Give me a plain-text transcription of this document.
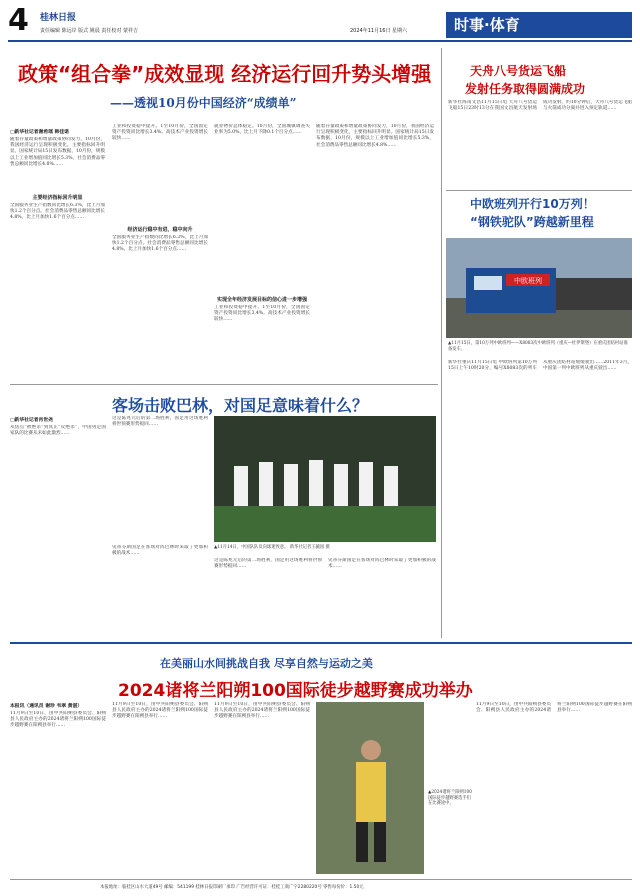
4 桂林日报
责任编辑 陈远岸 版式 姚晨 责任校对 蒙祥吉	2024年11月16日 星期六	时事·体育
政策“组合拳”成效显现 经济运行回升势头增强
——透视10月份中国经济“成绩单”
□新华社记者谢希瑶 韩佳诺
随着存量政策和增量政策协同发力，10月份，我国经济运行呈现积极变化，主要指标回升明显。国家统计局15日发布数据，10月份，规模以上工业增加值同比增长5.3%，社会消费品零售总额同比增长4.8%……
主要经济指标回升明显
全国服务业生产指数同比增长6.3%，比上月加快1.2个百分点。社会消费品零售总额同比增长4.8%，比上月加快1.6个百分点……
工业和投资稳中提升。1至10月份，全国固定资产投资同比增长3.4%。高技术产业投资增长较快……
经济运行稳中有进、稳中向升
全国服务业生产指数同比增长6.3%，比上月加快1.2个百分点。社会消费品零售总额同比增长4.8%，比上月加快1.6个百分点……
就业物价总体稳定。10月份，全国城镇调查失业率为5.0%，比上月下降0.1个百分点……
实现全年经济发展目标的信心进一步增强
工业和投资稳中提升。1至10月份，全国固定资产投资同比增长3.4%。高技术产业投资增长较快……
随着存量政策和增量政策协同发力，10月份，我国经济运行呈现积极变化，主要指标回升明显。国家统计局15日发布数据，10月份，规模以上工业增加值同比增长5.3%，社会消费品零售总额同比增长4.8%……
天舟八号货运飞船
发射任务取得圆满成功
新华社海南文昌11月15日电 天舟八号货运飞船15日23时13分在我国文昌航天发射场成功发射。约10分钟后，天舟八号货运飞船与火箭成功分离并进入预定轨道……
中欧班列开行10万列！
“钢铁驼队”跨越新里程
中欧班列
▲11月15日，第10万列中欧班列——X8083次中欧班列（重庆—杜伊斯堡）在重庆团结村站准备发车。
新华社重庆11月15日电 中欧班列第10万列15日上午10时20分，编号X8083次的列车从重庆团结村站缓缓驶出……2011年3月，中国第一列中欧班列从重庆驶出……
客场击败巴林，对国足意味着什么？
□新华社记者肖世尧
从焦点“被绝杀”到真正“反绝杀”，中国男足国家队的比赛从未如此激烈……
这是陈兆元后的第二场胜利，国足用这场胜利将世预赛形势扳回……
▲11月14日，中国队队员向球迷致意。 新华社记者王毓国 摄
史蒂芬斯国足在客场对阵巴林时采取了更加积极的战术……
这是陈兆元后的第二场胜利，国足用这场胜利将世预赛形势扳回……
史蒂芬斯国足在客场对阵巴林时采取了更加积极的战术……
在美丽山水间挑战自我 尽享自然与运动之美
2024诸将兰阳朔100国际徒步越野赛成功举办
本报讯（通讯员 谢珍 韦翠 黄湛）
11月9日至10日，由中共阳朔县委员会、阳朔县人民政府主办的2024诸将兰阳朔100国际徒步越野赛在阳朔县举行……
11月9日至10日，由中共阳朔县委员会、阳朔县人民政府主办的2024诸将兰阳朔100国际徒步越野赛在阳朔县举行……
11月9日至10日，由中共阳朔县委员会、阳朔县人民政府主办的2024诸将兰阳朔100国际徒步越野赛在阳朔县举行……
▲2024诸将兰阳朔100国际徒步越野赛选手们在比赛途中。
11月9日至10日，由中共阳朔县委员会、阳朔县人民政府主办的2024诸将兰阳朔100国际徒步越野赛在阳朔县举行……
本报地址：临桂区山水大道49号 邮编：541199 桂林日报印刷厂承印 广告经营许可证：桂桂工商广字2280220号 零售每份价：1.50元
